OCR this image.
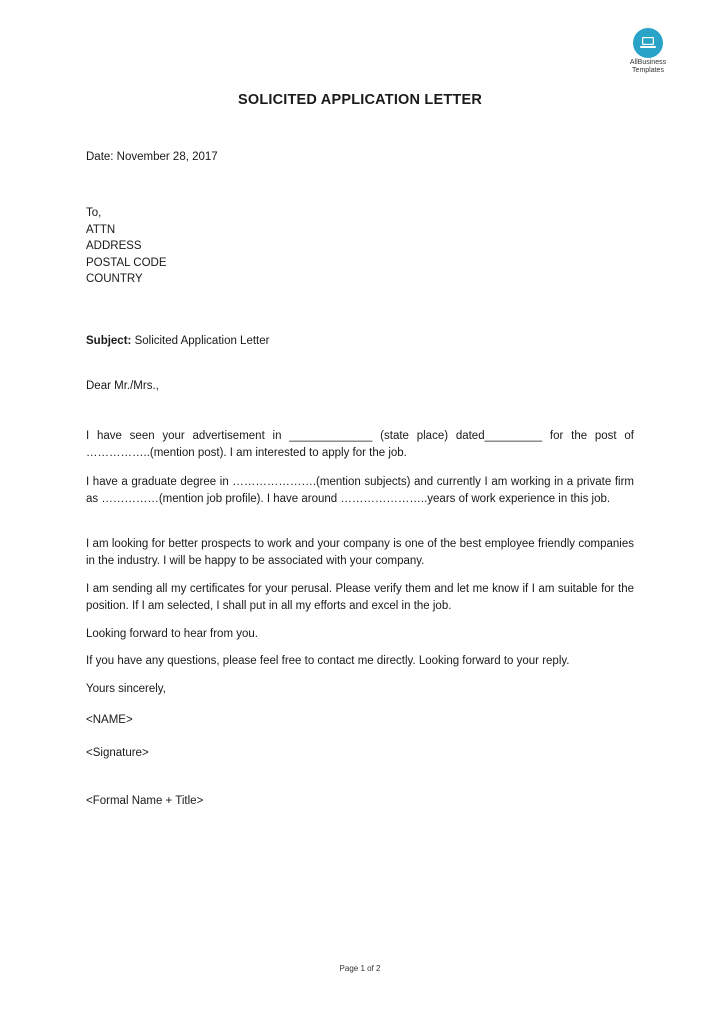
AllBusiness
Templates
SOLICITED APPLICATION LETTER
Date: November 28, 2017
To,
ATTN
ADDRESS
POSTAL CODE
COUNTRY
Subject: Solicited Application Letter
Dear Mr./Mrs.,
I have seen your advertisement in _____________ (state place) dated_________ for the post of ……………..(mention post). I am interested to apply for the job.
I have a graduate degree in ………………….(mention subjects) and currently I am working in a private firm as ……………(mention job profile). I have around …………………..years of work experience in this job.
I am looking for better prospects to work and your company is one of the best employee friendly companies in the industry. I will be happy to be associated with your company.
I am sending all my certificates for your perusal. Please verify them and let me know if I am suitable for the position. If I am selected, I shall put in all my efforts and excel in the job.
Looking forward to hear from you.
If you have any questions, please feel free to contact me directly. Looking forward to your reply.
Yours sincerely,
<NAME>
<Signature>
<Formal Name + Title>
Page 1 of 2
